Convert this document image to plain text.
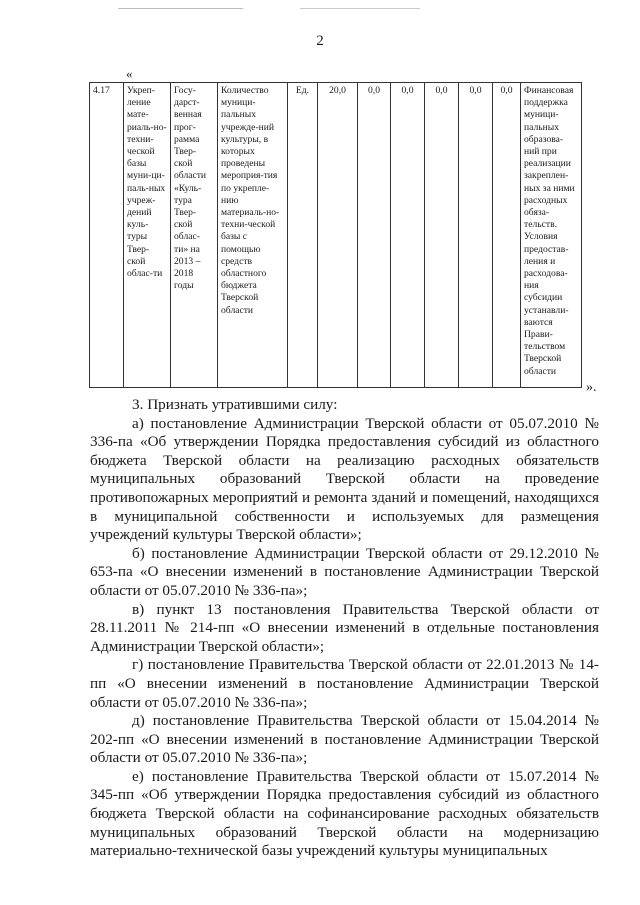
2
«
4.17	Укреп-ление мате-риаль-но-техни-ческой базы муни-ци-паль-ных учреж-дений куль-туры Твер-ской облас-ти	Госу-дарст-венная прог-рамма Твер-ской области «Куль-тура Твер-ской облас-ти» на 2013 – 2018 годы	Количество муници-пальных учрежде-ний культуры, в которых проведены мероприя-тия по укрепле-нию материаль-но-техни-ческой базы с помощью средств областного бюджета Тверской области	Ед.	20,0	0,0	0,0	0,0	0,0	0,0	Финансовая поддержка муници-пальных образова-ний при реализации закреплен-ных за ними расходных обяза-тельств. Условия предостав-ления и расходова-ния субсидии устанавли-ваются Прави-тельством Тверской области
».

3. Признать утратившими силу:

а) постановление Администрации Тверской области от 05.07.2010 № 336-па «Об утверждении Порядка предоставления субсидий из областного бюджета Тверской области на реализацию расходных обязательств муниципальных образований Тверской области на проведение противопожарных мероприятий и ремонта зданий и помещений, находящихся в муниципальной собственности и используемых для размещения учреждений культуры Тверской области»;

б) постановление Администрации Тверской области от 29.12.2010 № 653-па «О внесении изменений в постановление Администрации Тверской области от 05.07.2010 № 336-па»;

в) пункт 13 постановления Правительства Тверской области от 28.11.2011 № 214-пп «О внесении изменений в отдельные постановления Администрации Тверской области»;

г) постановление Правительства Тверской области от 22.01.2013 № 14-пп «О внесении изменений в постановление Администрации Тверской области от 05.07.2010 № 336-па»;

д) постановление Правительства Тверской области от 15.04.2014 № 202-пп «О внесении изменений в постановление Администрации Тверской области от 05.07.2010 № 336-па»;

е) постановление Правительства Тверской области от 15.07.2014 № 345-пп «Об утверждении Порядка предоставления субсидий из областного бюджета Тверской области на софинансирование расходных обязательств муниципальных образований Тверской области на модернизацию материально-технической базы учреждений культуры муниципальных
